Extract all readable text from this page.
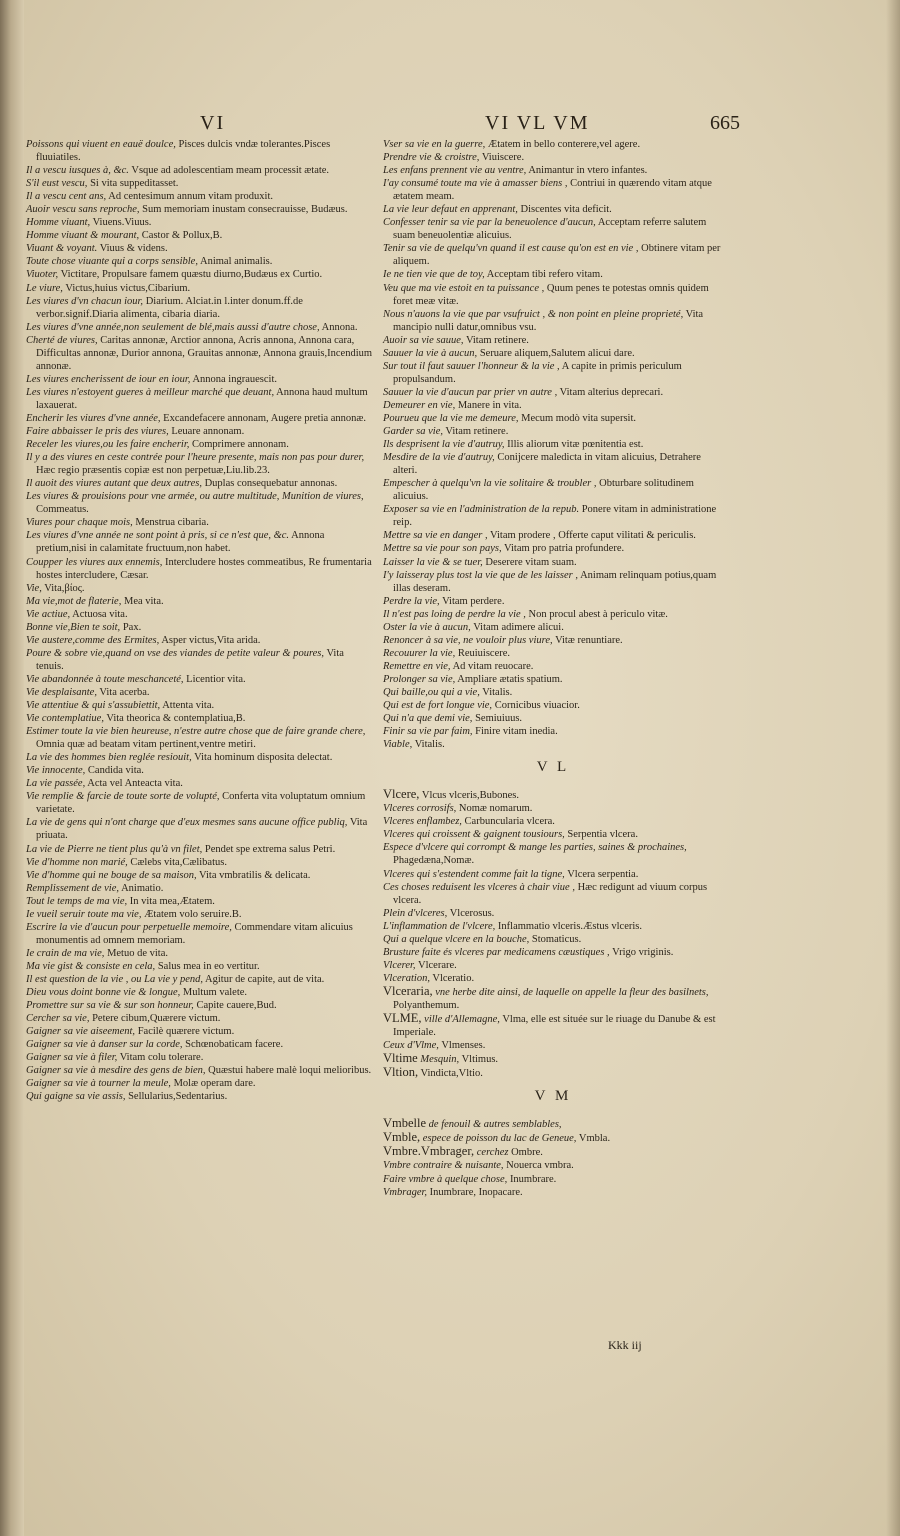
VI	VI VL VM	665

Poissons qui viuent en eauë doulce, Pisces dulcis vndæ tolerantes.Pisces fluuiatiles.

Il a vescu iusques à, &c. Vsque ad adolescentiam meam processit ætate.

S'il eust vescu, Si vita suppeditasset.

Il a vescu cent ans, Ad centesimum annum vitam produxit.

Auoir vescu sans reproche, Sum memoriam inustam consecrauisse, Budæus.

Homme viuant, Viuens.Viuus.

Homme viuant & mourant, Castor & Pollux,B.

Viuant & voyant. Viuus & videns.

Toute chose viuante qui a corps sensible, Animal animalis.

Viuoter, Victitare, Propulsare famem quæstu diurno,Budæus ex Curtio.

Le viure, Victus,huius victus,Cibarium.

Les viures d'vn chacun iour, Diarium. Alciat.in l.inter donum.ff.de verbor.signif.Diaria alimenta, cibaria diaria.

Les viures d'vne année,non seulement de blé,mais aussi d'autre chose, Annona.

Cherté de viures, Caritas annonæ, Arctior annona, Acris annona, Annona cara, Difficultas annonæ, Durior annona, Grauitas annonæ, Annona grauis,Incendium annonæ.

Les viures encherissent de iour en iour, Annona ingrauescit.

Les viures n'estoyent gueres à meilleur marché que deuant, Annona haud multum laxauerat.

Encherir les viures d'vne année, Excandefacere annonam, Augere pretia annonæ.

Faire abbaisser le pris des viures, Leuare annonam.

Receler les viures,ou les faire encherir, Comprimere annonam.

Il y a des viures en ceste contrée pour l'heure presente, mais non pas pour durer, Hæc regio præsentis copiæ est non perpetuæ,Liu.lib.23.

Il auoit des viures autant que deux autres, Duplas consequebatur annonas.

Les viures & prouisions pour vne armée, ou autre multitude, Munition de viures, Commeatus.

Viures pour chaque mois, Menstrua cibaria.

Les viures d'vne année ne sont point à pris, si ce n'est que, &c. Annona pretium,nisi in calamitate fructuum,non habet.

Coupper les viures aux ennemis, Intercludere hostes commeatibus, Re frumentaria hostes intercludere, Cæsar.

Vie, Vita,βίος.

Ma vie,mot de flaterie, Mea vita.

Vie actiue, Actuosa vita.

Bonne vie,Bien te soit, Pax.

Vie austere,comme des Ermites, Asper victus,Vita arida.

Poure & sobre vie,quand on vse des viandes de petite valeur & poures, Vita tenuis.

Vie abandonnée à toute meschanceté, Licentior vita.

Vie desplaisante, Vita acerba.

Vie attentiue & qui s'assubiettit, Attenta vita.

Vie contemplatiue, Vita theorica & contemplatiua,B.

Estimer toute la vie bien heureuse, n'estre autre chose que de faire grande chere, Omnia quæ ad beatam vitam pertinent,ventre metiri.

La vie des hommes bien reglée resiouit, Vita hominum disposita delectat.

Vie innocente, Candida vita.

La vie passée, Acta vel Anteacta vita.

Vie remplie & farcie de toute sorte de volupté, Conferta vita voluptatum omnium varietate.

La vie de gens qui n'ont charge que d'eux mesmes sans aucune office publiq, Vita priuata.

La vie de Pierre ne tient plus qu'à vn filet, Pendet spe extrema salus Petri.

Vie d'homme non marié, Cælebs vita,Cælibatus.

Vie d'homme qui ne bouge de sa maison, Vita vmbratilis & delicata.

Remplissement de vie, Animatio.

Tout le temps de ma vie, In vita mea,Ætatem.

Ie vueil seruir toute ma vie, Ætatem volo seruire.B.

Escrire la vie d'aucun pour perpetuelle memoire, Commendare vitam alicuius monumentis ad omnem memoriam.

Ie crain de ma vie, Metuo de vita.

Ma vie gist & consiste en cela, Salus mea in eo vertitur.

Il est question de la vie , ou La vie y pend, Agitur de capite, aut de vita.

Dieu vous doint bonne vie & longue, Multum valete.

Promettre sur sa vie & sur son honneur, Capite cauere,Bud.

Cercher sa vie, Petere cibum,Quærere victum.

Gaigner sa vie aiseement, Facilè quærere victum.

Gaigner sa vie à danser sur la corde, Schœnobaticam facere.

Gaigner sa vie à filer, Vitam colu tolerare.

Gaigner sa vie à mesdire des gens de bien, Quæstui habere malè loqui melioribus.

Gaigner sa vie à tourner la meule, Molæ operam dare.

Qui gaigne sa vie assis, Sellularius,Sedentarius.

Vser sa vie en la guerre, Ætatem in bello conterere,vel agere.

Prendre vie & croistre, Viuiscere.

Les enfans prennent vie au ventre, Animantur in vtero infantes.

I'ay consumé toute ma vie à amasser biens , Contriui in quærendo vitam atque ætatem meam.

La vie leur defaut en apprenant, Discentes vita deficit.

Confesser tenir sa vie par la beneuolence d'aucun, Acceptam referre salutem suam beneuolentiæ alicuius.

Tenir sa vie de quelqu'vn quand il est cause qu'on est en vie , Obtinere vitam per aliquem.

Ie ne tien vie que de toy, Acceptam tibi refero vitam.

Veu que ma vie estoit en ta puissance , Quum penes te potestas omnis quidem foret meæ vitæ.

Nous n'auons la vie que par vsufruict , & non point en pleine proprieté, Vita mancipio nulli datur,omnibus vsu.

Auoir sa vie sauue, Vitam retinere.

Sauuer la vie à aucun, Seruare aliquem,Salutem alicui dare.

Sur tout il faut sauuer l'honneur & la vie , A capite in primis periculum propulsandum.

Sauuer la vie d'aucun par prier vn autre , Vitam alterius deprecari.

Demeurer en vie, Manere in vita.

Pourueu que la vie me demeure, Mecum modò vita supersit.

Garder sa vie, Vitam retinere.

Ils desprisent la vie d'autruy, Illis aliorum vitæ pœnitentia est.

Mesdire de la vie d'autruy, Conijcere maledicta in vitam alicuius, Detrahere alteri.

Empescher à quelqu'vn la vie solitaire & troubler , Obturbare solitudinem alicuius.

Exposer sa vie en l'administration de la repub. Ponere vitam in administratione reip.

Mettre sa vie en danger , Vitam prodere , Offerte caput vilitati & periculis.

Mettre sa vie pour son pays, Vitam pro patria profundere.

Laisser la vie & se tuer, Deserere vitam suam.

I'y laisseray plus tost la vie que de les laisser , Animam relinquam potius,quam illas deseram.

Perdre la vie, Vitam perdere.

Il n'est pas loing de perdre la vie , Non procul abest à periculo vitæ.

Oster la vie à aucun, Vitam adimere alicui.

Renoncer à sa vie, ne vouloir plus viure, Vitæ renuntiare.

Recouurer la vie, Reuiuiscere.

Remettre en vie, Ad vitam reuocare.

Prolonger sa vie, Ampliare ætatis spatium.

Qui baille,ou qui a vie, Vitalis.

Qui est de fort longue vie, Cornicibus viuacior.

Qui n'a que demi vie, Semiuiuus.

Finir sa vie par faim, Finire vitam inedia.

Viable, Vitalis.

V L

Vlcere, Vlcus vlceris,Bubones.

Vlceres corrosifs, Nomæ nomarum.

Vlceres enflambez, Carbuncularia vlcera.

Vlceres qui croissent & gaignent tousiours, Serpentia vlcera.

Espece d'vlcere qui corrompt & mange les parties, saines & prochaines, Phagedæna,Nomæ.

Vlceres qui s'estendent comme fait la tigne, Vlcera serpentia.

Ces choses reduisent les vlceres à chair viue , Hæc redigunt ad viuum corpus vlcera.

Plein d'vlceres, Vlcerosus.

L'inflammation de l'vlcere, Inflammatio vlceris.Æstus vlceris.

Qui a quelque vlcere en la bouche, Stomaticus.

Brusture faite és vlceres par medicamens cæustiques , Vrigo vriginis.

Vlcerer, Vlcerare.

Vlceration, Vlceratio.

Vlceraria, vne herbe dite ainsi, de laquelle on appelle la fleur des basilnets, Polyanthemum.

VLME, ville d'Allemagne, Vlma, elle est située sur le riuage du Danube & est Imperiale.

Ceux d'Vlme, Vlmenses.

Vltime Mesquin, Vltimus.

Vltion, Vindicta,Vltio.

V M

Vmbelle de fenouil & autres semblables,

Vmble, espece de poisson du lac de Geneue, Vmbla.

Vmbre.Vmbrager, cerchez Ombre.

Vmbre contraire & nuisante, Nouerca vmbra.

Faire vmbre à quelque chose, Inumbrare.

Vmbrager, Inumbrare, Inopacare.

Kkk iij
